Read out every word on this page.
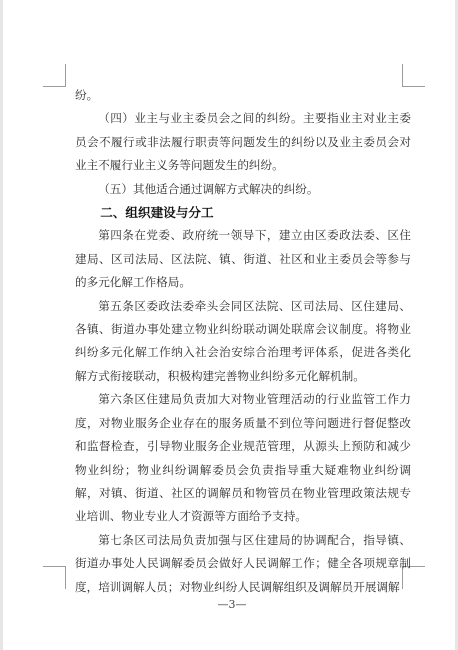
纷。

（四）业主与业主委员会之间的纠纷。主要指业主对业主委员会不履行或非法履行职责等问题发生的纠纷以及业主委员会对业主不履行业主义务等问题发生的纠纷。

（五）其他适合通过调解方式解决的纠纷。

二、组织建设与分工

第四条在党委、政府统一领导下，建立由区委政法委、区住建局、区司法局、区法院、镇、街道、社区和业主委员会等参与的多元化解工作格局。

第五条区委政法委牵头会同区法院、区司法局、区住建局、各镇、街道办事处建立物业纠纷联动调处联席会议制度。将物业纠纷多元化解工作纳入社会治安综合治理考评体系，促进各类化解方式衔接联动，积极构建完善物业纠纷多元化解机制。

第六条区住建局负责加大对物业管理活动的行业监管工作力度，对物业服务企业存在的服务质量不到位等问题进行督促整改和监督检查，引导物业服务企业规范管理，从源头上预防和减少物业纠纷；物业纠纷调解委员会负责指导重大疑难物业纠纷调解，对镇、街道、社区的调解员和物管员在物业管理政策法规专业培训、物业专业人才资源等方面给予支持。

第七条区司法局负责加强与区住建局的协调配合，指导镇、街道办事处人民调解委员会做好人民调解工作；健全各项规章制度，培训调解人员；对物业纠纷人民调解组织及调解员开展调解

—3—
